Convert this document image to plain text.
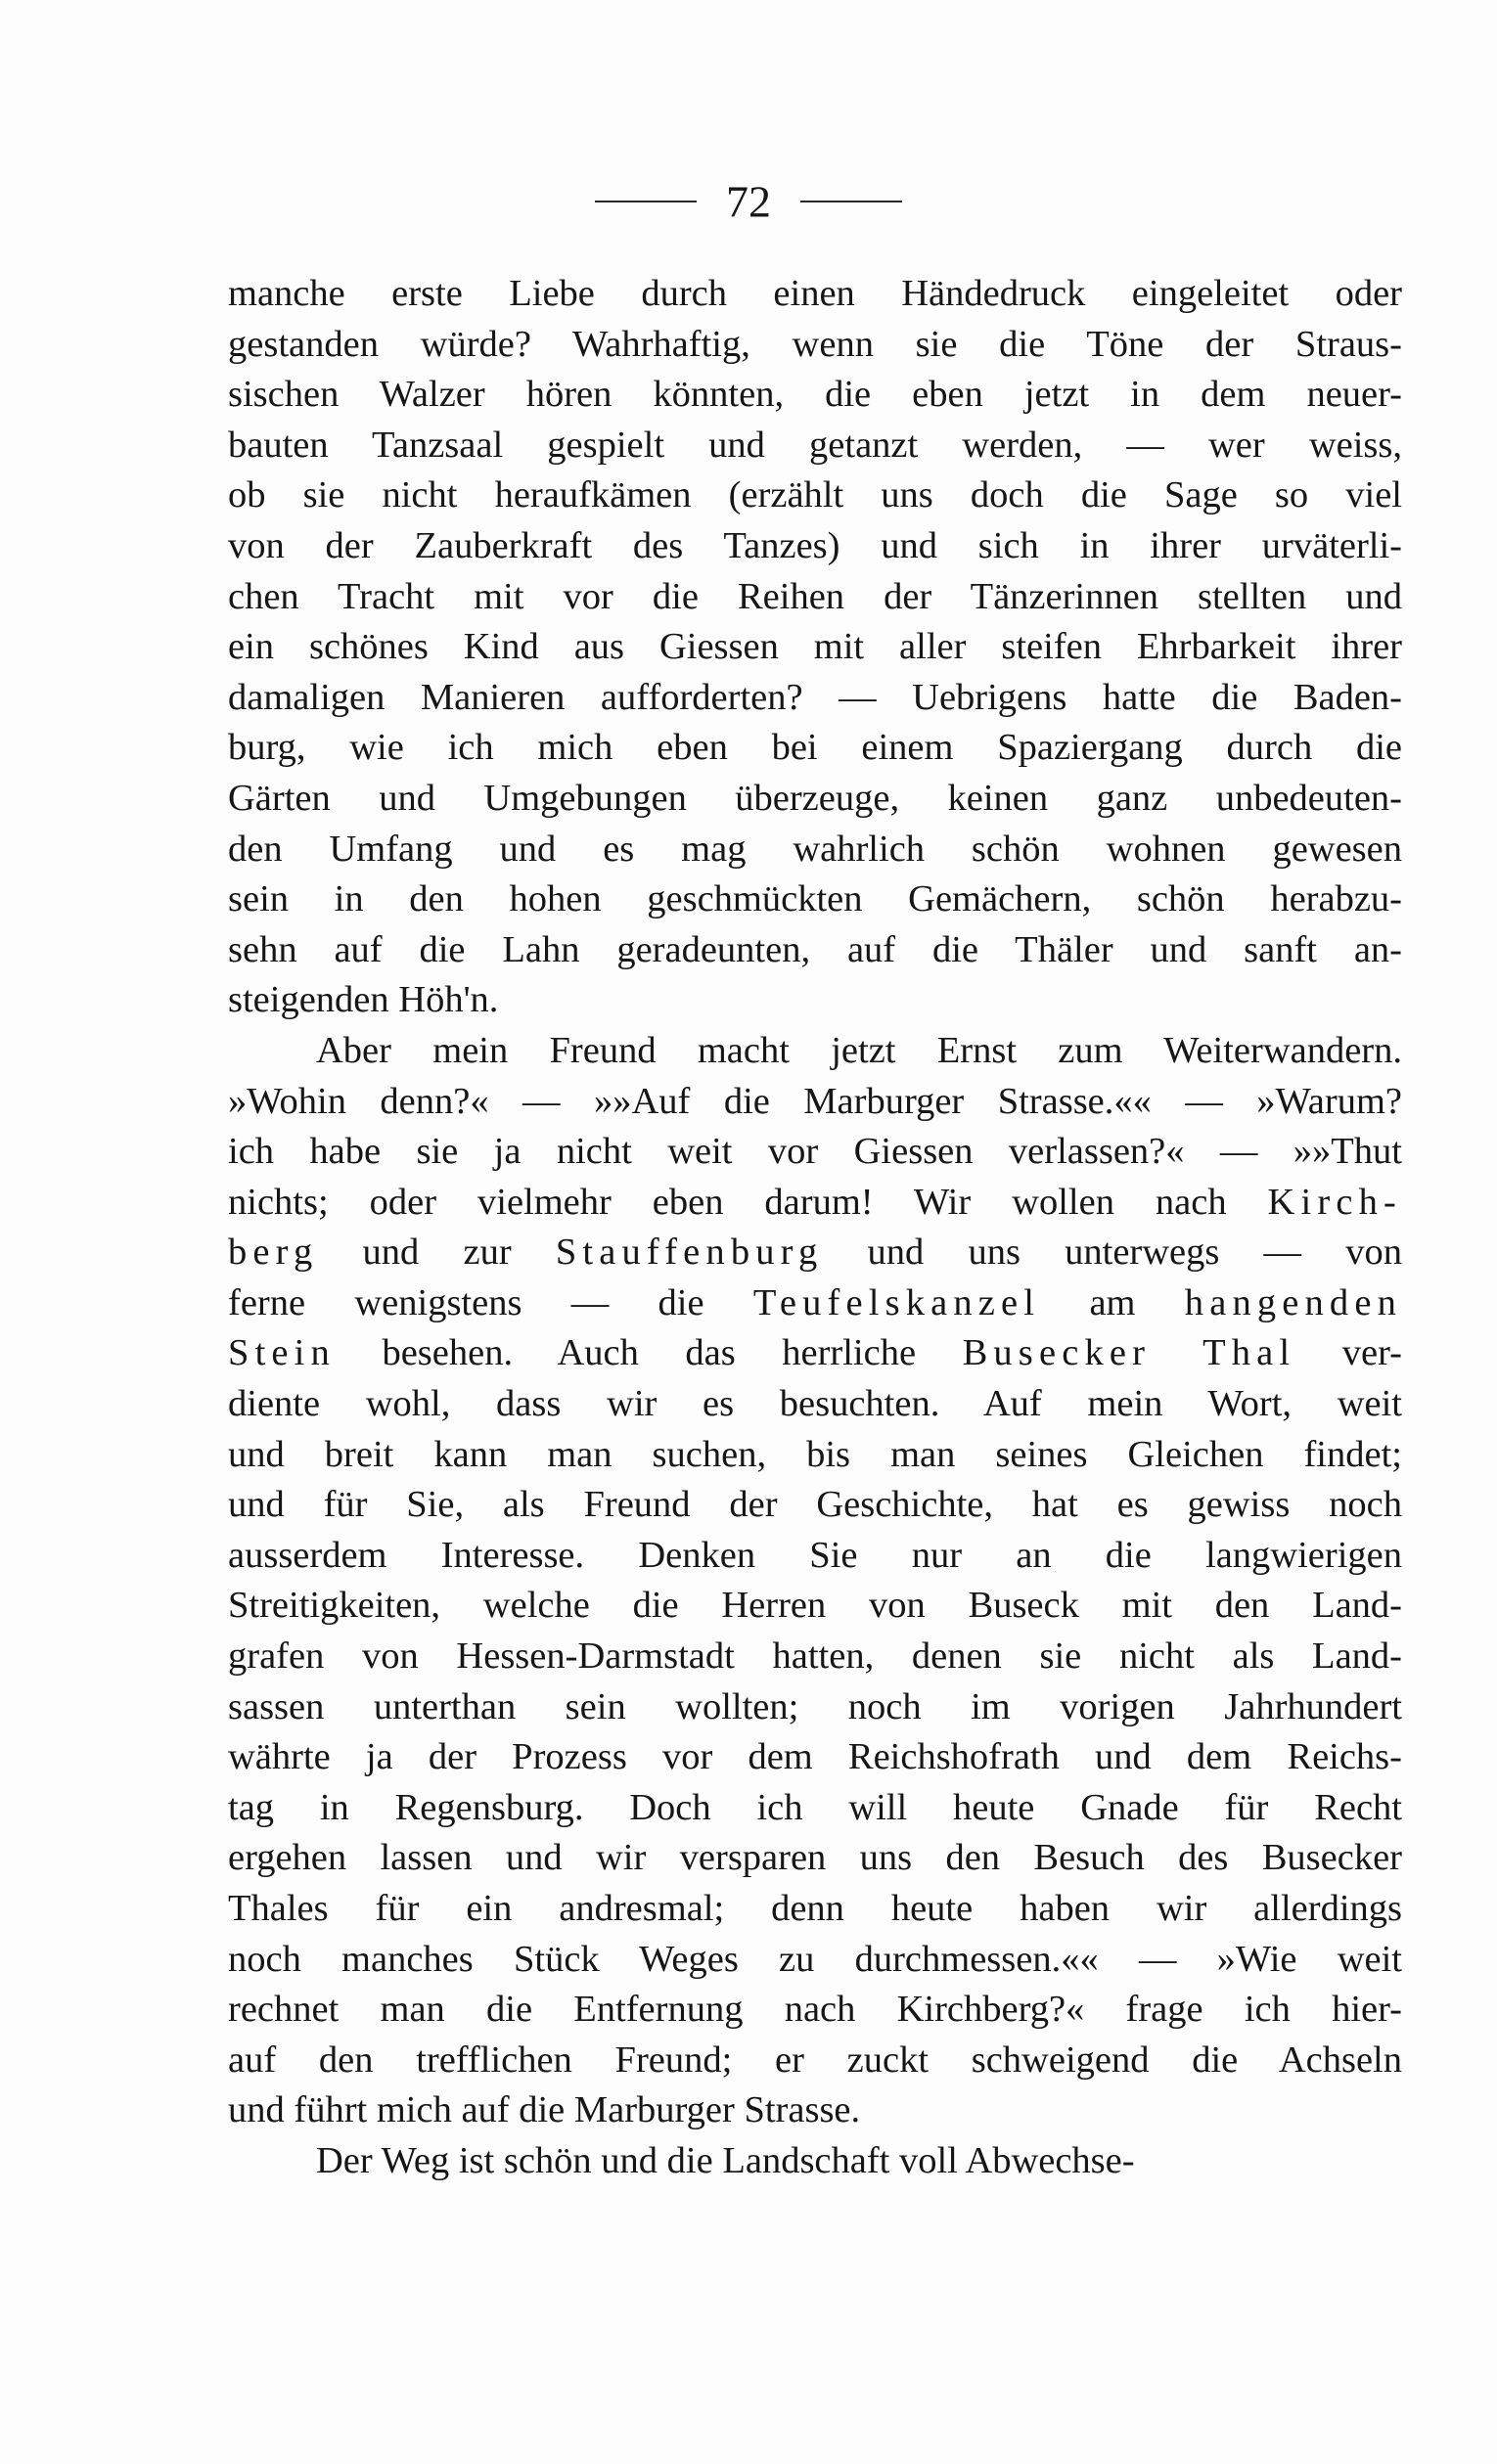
72
manche erste Liebe durch einen Händedruck eingeleitet oder
gestanden würde? Wahrhaftig, wenn sie die Töne der Straus-
sischen Walzer hören könnten, die eben jetzt in dem neuer-
bauten Tanzsaal gespielt und getanzt werden, — wer weiss,
ob sie nicht heraufkämen (erzählt uns doch die Sage so viel
von der Zauberkraft des Tanzes) und sich in ihrer urväterli-
chen Tracht mit vor die Reihen der Tänzerinnen stellten und
ein schönes Kind aus Giessen mit aller steifen Ehrbarkeit ihrer
damaligen Manieren aufforderten? — Uebrigens hatte die Baden-
burg, wie ich mich eben bei einem Spaziergang durch die
Gärten und Umgebungen überzeuge, keinen ganz unbedeuten-
den Umfang und es mag wahrlich schön wohnen gewesen
sein in den hohen geschmückten Gemächern, schön herabzu-
sehn auf die Lahn geradeunten, auf die Thäler und sanft an-
steigenden Höh'n.
Aber mein Freund macht jetzt Ernst zum Weiterwandern.
»Wohin denn?« — »»Auf die Marburger Strasse.«« — »Warum?
ich habe sie ja nicht weit vor Giessen verlassen?« — »»Thut
nichts; oder vielmehr eben darum! Wir wollen nach Kirch-
berg und zur Stauffenburg und uns unterwegs — von
ferne wenigstens — die Teufelskanzel am hangenden
Stein besehen. Auch das herrliche Busecker Thal ver-
diente wohl, dass wir es besuchten. Auf mein Wort, weit
und breit kann man suchen, bis man seines Gleichen findet;
und für Sie, als Freund der Geschichte, hat es gewiss noch
ausserdem Interesse. Denken Sie nur an die langwierigen
Streitigkeiten, welche die Herren von Buseck mit den Land-
grafen von Hessen-Darmstadt hatten, denen sie nicht als Land-
sassen unterthan sein wollten; noch im vorigen Jahrhundert
währte ja der Prozess vor dem Reichshofrath und dem Reichs-
tag in Regensburg. Doch ich will heute Gnade für Recht
ergehen lassen und wir versparen uns den Besuch des Busecker
Thales für ein andresmal; denn heute haben wir allerdings
noch manches Stück Weges zu durchmessen.«« — »Wie weit
rechnet man die Entfernung nach Kirchberg?« frage ich hier-
auf den trefflichen Freund; er zuckt schweigend die Achseln
und führt mich auf die Marburger Strasse.
Der Weg ist schön und die Landschaft voll Abwechse-
